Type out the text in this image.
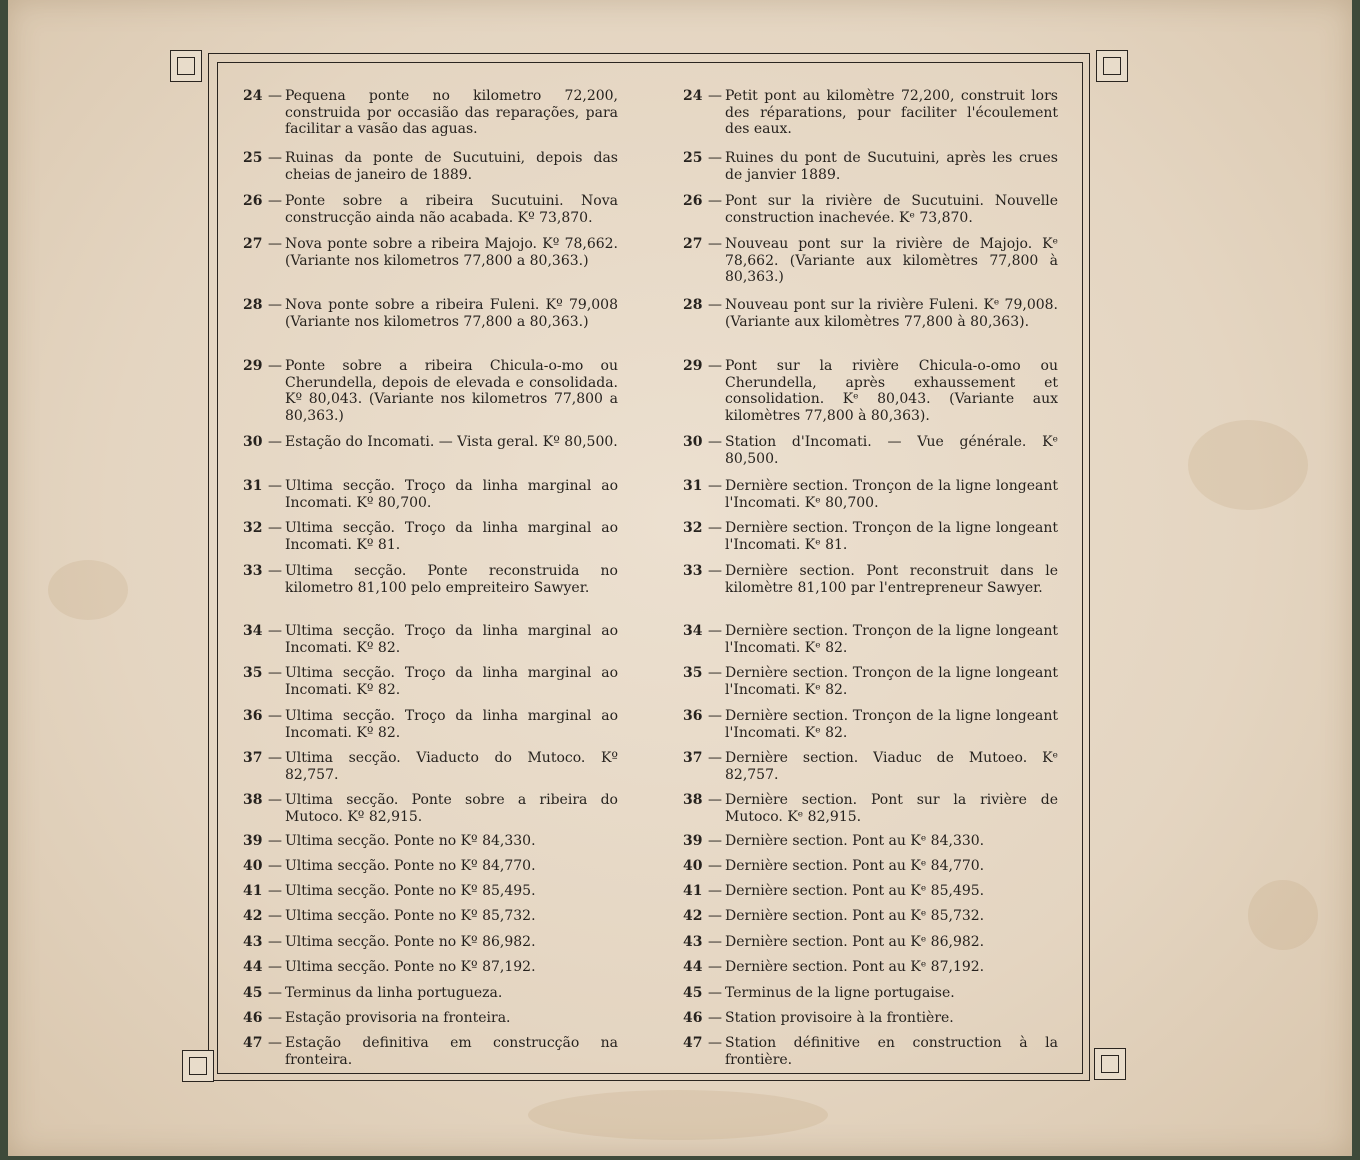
24 — Pequena ponte no kilometro 72,200, construida por occasião das reparações, para facilitar a vasão das aguas.
25 — Ruinas da ponte de Sucutuini, depois das cheias de janeiro de 1889.
26 — Ponte sobre a ribeira Sucutuini. Nova construcção ainda não acabada. Kº 73,870.
27 — Nova ponte sobre a ribeira Majojo. Kº 78,662. (Variante nos kilometros 77,800 a 80,363.)
28 — Nova ponte sobre a ribeira Fuleni. Kº 79,008 (Variante nos kilometros 77,800 a 80,363.)
29 — Ponte sobre a ribeira Chicula-o-mo ou Cherundella, depois de elevada e consolidada. Kº 80,043. (Variante nos kilometros 77,800 a 80,363.)
30 — Estação do Incomati. — Vista geral. Kº 80,500.
31 — Ultima secção. Troço da linha marginal ao Incomati. Kº 80,700.
32 — Ultima secção. Troço da linha marginal ao Incomati. Kº 81.
33 — Ultima secção. Ponte reconstruida no kilometro 81,100 pelo empreiteiro Sawyer.
34 — Ultima secção. Troço da linha marginal ao Incomati. Kº 82.
35 — Ultima secção. Troço da linha marginal ao Incomati. Kº 82.
36 — Ultima secção. Troço da linha marginal ao Incomati. Kº 82.
37 — Ultima secção. Viaducto do Mutoco. Kº 82,757.
38 — Ultima secção. Ponte sobre a ribeira do Mutoco. Kº 82,915.
39 — Ultima secção. Ponte no Kº 84,330.
40 — Ultima secção. Ponte no Kº 84,770.
41 — Ultima secção. Ponte no Kº 85,495.
42 — Ultima secção. Ponte no Kº 85,732.
43 — Ultima secção. Ponte no Kº 86,982.
44 — Ultima secção. Ponte no Kº 87,192.
45 — Terminus da linha portugueza.
46 — Estação provisoria na fronteira.
47 — Estação definitiva em construcção na fronteira.
24 — Petit pont au kilomètre 72,200, construit lors des réparations, pour faciliter l'écoulement des eaux.
25 — Ruines du pont de Sucutuini, après les crues de janvier 1889.
26 — Pont sur la rivière de Sucutuini. Nouvelle construction inachevée. Kᵉ 73,870.
27 — Nouveau pont sur la rivière de Majojo. Kᵉ 78,662. (Variante aux kilomètres 77,800 à 80,363.)
28 — Nouveau pont sur la rivière Fuleni. Kᵉ 79,008. (Variante aux kilomètres 77,800 à 80,363).
29 — Pont sur la rivière Chicula-o-omo ou Cherundella, après exhaussement et consolidation. Kᵉ 80,043. (Variante aux kilomètres 77,800 à 80,363).
30 — Station d'Incomati. — Vue générale. Kᵉ 80,500.
31 — Dernière section. Tronçon de la ligne longeant l'Incomati. Kᵉ 80,700.
32 — Dernière section. Tronçon de la ligne longeant l'Incomati. Kᵉ 81.
33 — Dernière section. Pont reconstruit dans le kilomètre 81,100 par l'entrepreneur Sawyer.
34 — Dernière section. Tronçon de la ligne longeant l'Incomati. Kᵉ 82.
35 — Dernière section. Tronçon de la ligne longeant l'Incomati. Kᵉ 82.
36 — Dernière section. Tronçon de la ligne longeant l'Incomati. Kᵉ 82.
37 — Dernière section. Viaduc de Mutoeo. Kᵉ 82,757.
38 — Dernière section. Pont sur la rivière de Mutoco. Kᵉ 82,915.
39 — Dernière section. Pont au Kᵉ 84,330.
40 — Dernière section. Pont au Kᵉ 84,770.
41 — Dernière section. Pont au Kᵉ 85,495.
42 — Dernière section. Pont au Kᵉ 85,732.
43 — Dernière section. Pont au Kᵉ 86,982.
44 — Dernière section. Pont au Kᵉ 87,192.
45 — Terminus de la ligne portugaise.
46 — Station provisoire à la frontière.
47 — Station définitive en construction à la frontière.
